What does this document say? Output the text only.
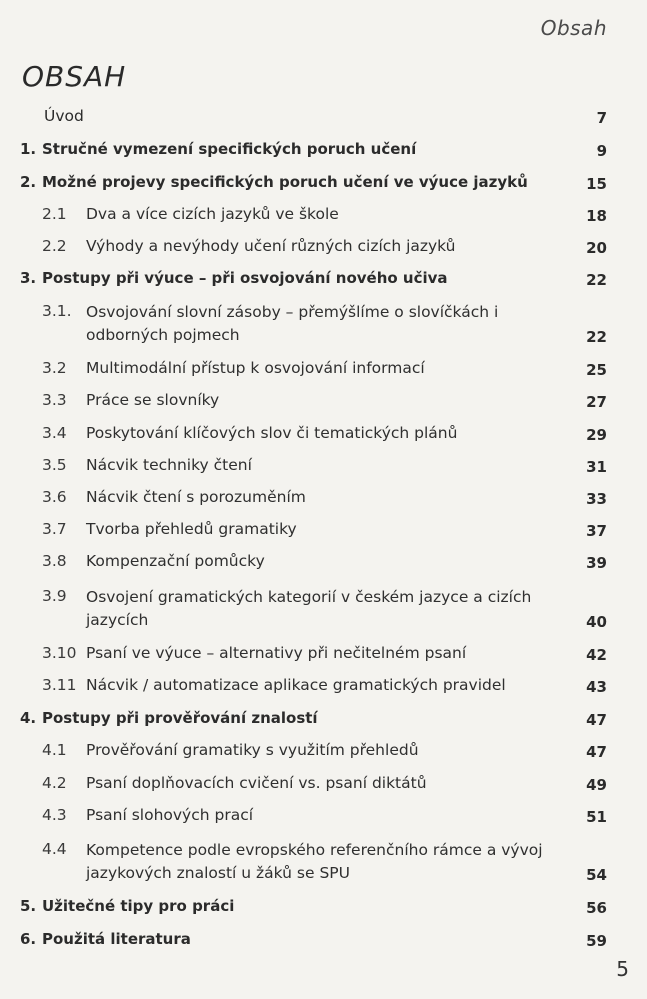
Obsah
OBSAH
Úvod	7
1. Stručné vymezení specifických poruch učení	9
2. Možné projevy specifických poruch učení ve výuce jazyků	15
2.1 Dva a více cizích jazyků ve škole	18
2.2 Výhody a nevýhody učení různých cizích jazyků	20
3. Postupy při výuce – při osvojování nového učiva	22
3.1. Osvojování slovní zásoby – přemýšlíme o slovíčkách i odborných pojmech	22
3.2 Multimodální přístup k osvojování informací	25
3.3 Práce se slovníky	27
3.4 Poskytování klíčových slov či tematických plánů	29
3.5 Nácvik techniky čtení	31
3.6 Nácvik čtení s porozuměním	33
3.7 Tvorba přehledů gramatiky	37
3.8 Kompenzační pomůcky	39
3.9 Osvojení gramatických kategorií v českém jazyce a cizích jazycích	40
3.10 Psaní ve výuce – alternativy při nečitelném psaní	42
3.11 Nácvik / automatizace aplikace gramatických pravidel	43
4. Postupy při prověřování znalostí	47
4.1 Prověřování gramatiky s využitím přehledů	47
4.2 Psaní doplňovacích cvičení vs. psaní diktátů	49
4.3 Psaní slohových prací	51
4.4 Kompetence podle evropského referenčního rámce a vývoj jazykových znalostí u žáků se SPU	54
5. Užitečné tipy pro práci	56
6. Použitá literatura	59
5
